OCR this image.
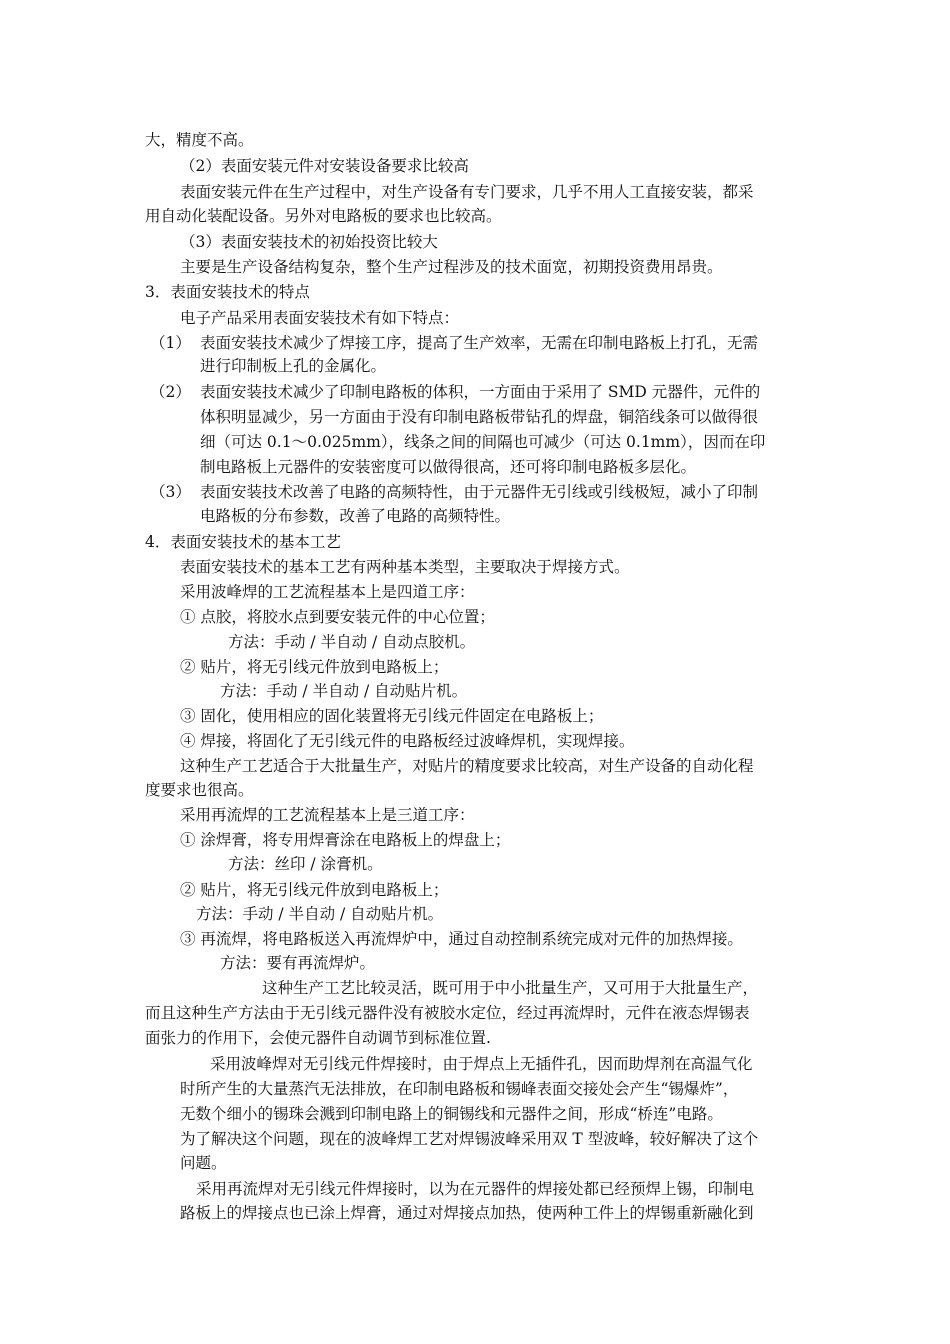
大，精度不高。
（2）表面安装元件对安装设备要求比较高
表面安装元件在生产过程中，对生产设备有专门要求，几乎不用人工直接安装，都采
用自动化装配设备。另外对电路板的要求也比较高。
（3）表面安装技术的初始投资比较大
主要是生产设备结构复杂，整个生产过程涉及的技术面宽，初期投资费用昂贵。
3．表面安装技术的特点
电子产品采用表面安装技术有如下特点：
表面安装技术减少了焊接工序，提高了生产效率，无需在印制电路板上打孔，无需
进行印制板上孔的金属化。
表面安装技术减少了印制电路板的体积，一方面由于采用了 SMD 元器件，元件的
体积明显减少，另一方面由于没有印制电路板带钻孔的焊盘，铜箔线条可以做得很
细（可达 0.1～0.025mm），线条之间的间隔也可减少（可达 0.1mm），因而在印
制电路板上元器件的安装密度可以做得很高，还可将印制电路板多层化。
表面安装技术改善了电路的高频特性，由于元器件无引线或引线极短，减小了印制
电路板的分布参数，改善了电路的高频特性。
4．表面安装技术的基本工艺
表面安装技术的基本工艺有两种基本类型，主要取决于焊接方式。
采用波峰焊的工艺流程基本上是四道工序：
① 点胶，将胶水点到要安装元件的中心位置；
方法：手动 / 半自动 / 自动点胶机。
② 贴片，将无引线元件放到电路板上；
方法：手动 / 半自动 / 自动贴片机。
③ 固化，使用相应的固化装置将无引线元件固定在电路板上；
④ 焊接，将固化了无引线元件的电路板经过波峰焊机，实现焊接。
这种生产工艺适合于大批量生产，对贴片的精度要求比较高，对生产设备的自动化程
度要求也很高。
采用再流焊的工艺流程基本上是三道工序：
① 涂焊膏，将专用焊膏涂在电路板上的焊盘上；
方法：丝印 / 涂膏机。
② 贴片，将无引线元件放到电路板上；
方法：手动 / 半自动 / 自动贴片机。
③ 再流焊，将电路板送入再流焊炉中，通过自动控制系统完成对元件的加热焊接。
方法：要有再流焊炉。
这种生产工艺比较灵活，既可用于中小批量生产，又可用于大批量生产，
而且这种生产方法由于无引线元器件没有被胶水定位，经过再流焊时，元件在液态焊锡表
面张力的作用下，会使元器件自动调节到标准位置.
采用波峰焊对无引线元件焊接时，由于焊点上无插件孔，因而助焊剂在高温气化
时所产生的大量蒸汽无法排放，在印制电路板和锡峰表面交接处会产生“锡爆炸”，
无数个细小的锡珠会溅到印制电路上的铜锡线和元器件之间，形成“桥连”电路。
为了解决这个问题，现在的波峰焊工艺对焊锡波峰采用双 T 型波峰，较好解决了这个
问题。
采用再流焊对无引线元件焊接时，以为在元器件的焊接处都已经预焊上锡，印制电
路板上的焊接点也已涂上焊膏，通过对焊接点加热，使两种工件上的焊锡重新融化到
（1）
（2）
（3）
